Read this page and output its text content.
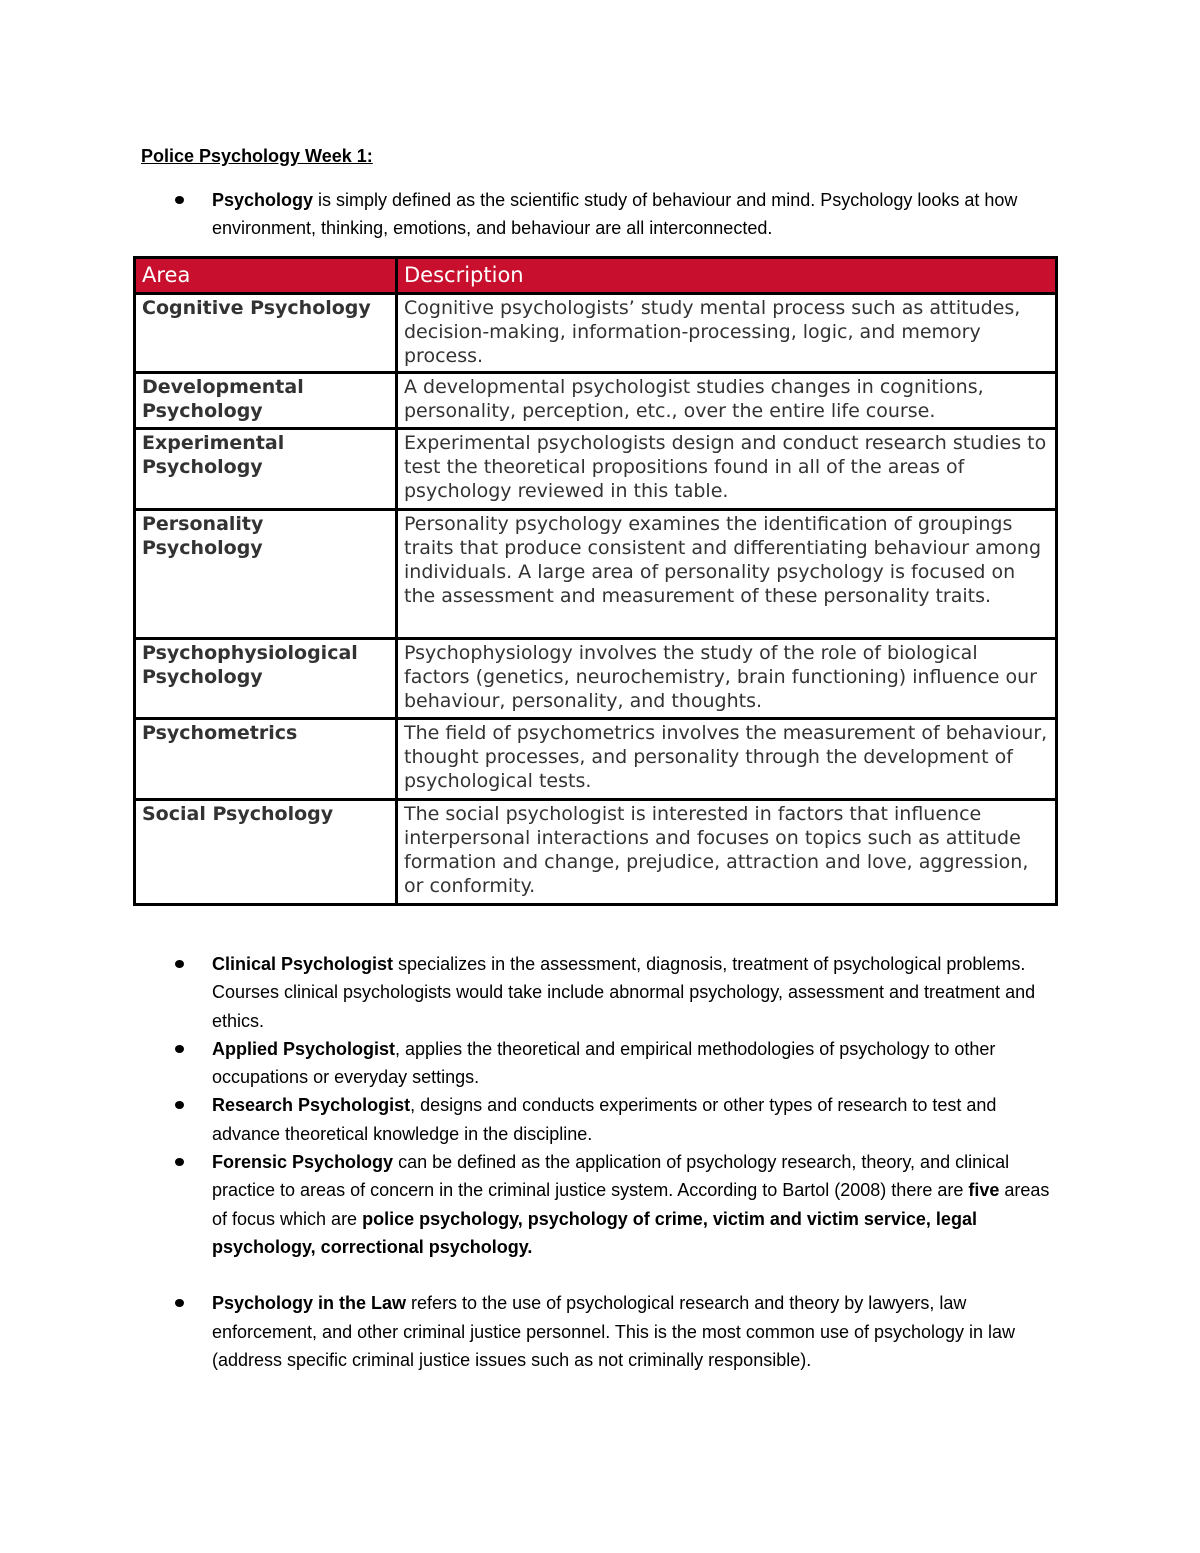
Police Psychology Week 1:

Psychology is simply defined as the scientific study of behaviour and mind. Psychology looks at how environment, thinking, emotions, and behaviour are all interconnected.
Area	Description
Cognitive Psychology	Cognitive psychologists’ study mental process such as attitudes, decision-making, information-processing, logic, and memory process.
Developmental Psychology	A developmental psychologist studies changes in cognitions, personality, perception, etc., over the entire life course.
Experimental Psychology	Experimental psychologists design and conduct research studies to test the theoretical propositions found in all of the areas of psychology reviewed in this table.
Personality Psychology	Personality psychology examines the identification of groupings traits that produce consistent and differentiating behaviour among individuals. A large area of personality psychology is focused on the assessment and measurement of these personality traits.
Psychophysiological Psychology	Psychophysiology involves the study of the role of biological factors (genetics, neurochemistry, brain functioning) influence our behaviour, personality, and thoughts.
Psychometrics	The field of psychometrics involves the measurement of behaviour, thought processes, and personality through the development of psychological tests.
Social Psychology	The social psychologist is interested in factors that influence interpersonal interactions and focuses on topics such as attitude formation and change, prejudice, attraction and love, aggression, or conformity.
Clinical Psychologist specializes in the assessment, diagnosis, treatment of psychological problems. Courses clinical psychologists would take include abnormal psychology, assessment and treatment and ethics.
Applied Psychologist, applies the theoretical and empirical methodologies of psychology to other occupations or everyday settings.
Research Psychologist, designs and conducts experiments or other types of research to test and advance theoretical knowledge in the discipline.
Forensic Psychology can be defined as the application of psychology research, theory, and clinical practice to areas of concern in the criminal justice system. According to Bartol (2008) there are five areas of focus which are police psychology, psychology of crime, victim and victim service, legal psychology, correctional psychology.
Psychology in the Law refers to the use of psychological research and theory by lawyers, law enforcement, and other criminal justice personnel. This is the most common use of psychology in law (address specific criminal justice issues such as not criminally responsible).
